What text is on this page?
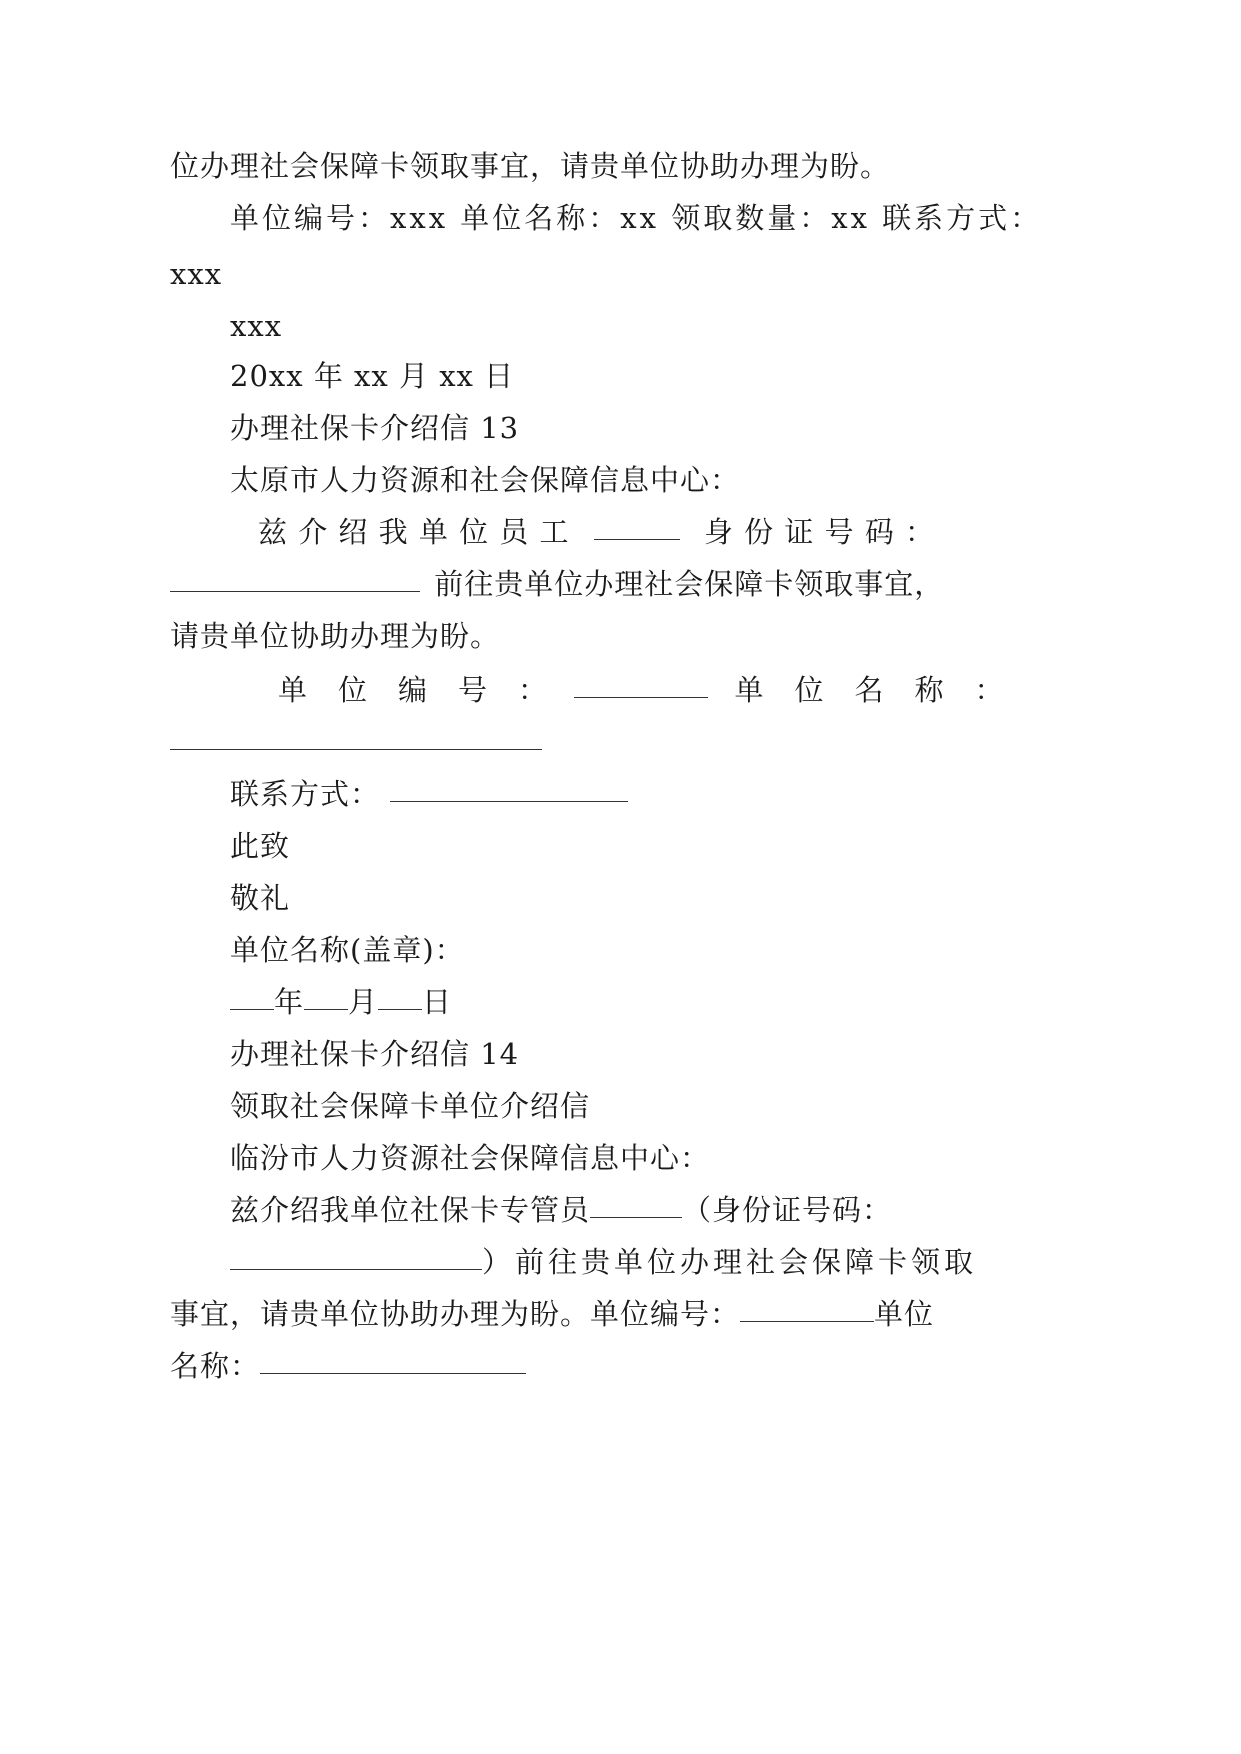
位办理社会保障卡领取事宜，请贵单位协助办理为盼。
单位编号：xxx 单位名称：xx 领取数量：xx 联系方式：
xxx
xxx
20xx 年 xx 月 xx 日
办理社保卡介绍信 13
太原市人力资源和社会保障信息中心：
兹 介 绍 我 单 位 员 工	身 份 证 号 码 ：
前往贵单位办理社会保障卡领取事宜，
请贵单位协助办理为盼。
单　位　编　号　：	单　位　名　称　：
联系方式：
此致
敬礼
单位名称(盖章)：
年 月 日
办理社保卡介绍信 14
领取社会保障卡单位介绍信
临汾市人力资源社会保障信息中心：
兹介绍我单位社保卡专管员	（身份证号码：
）前往贵单位办理社会保障卡领取
事宜，请贵单位协助办理为盼。单位编号：	单位
名称：
